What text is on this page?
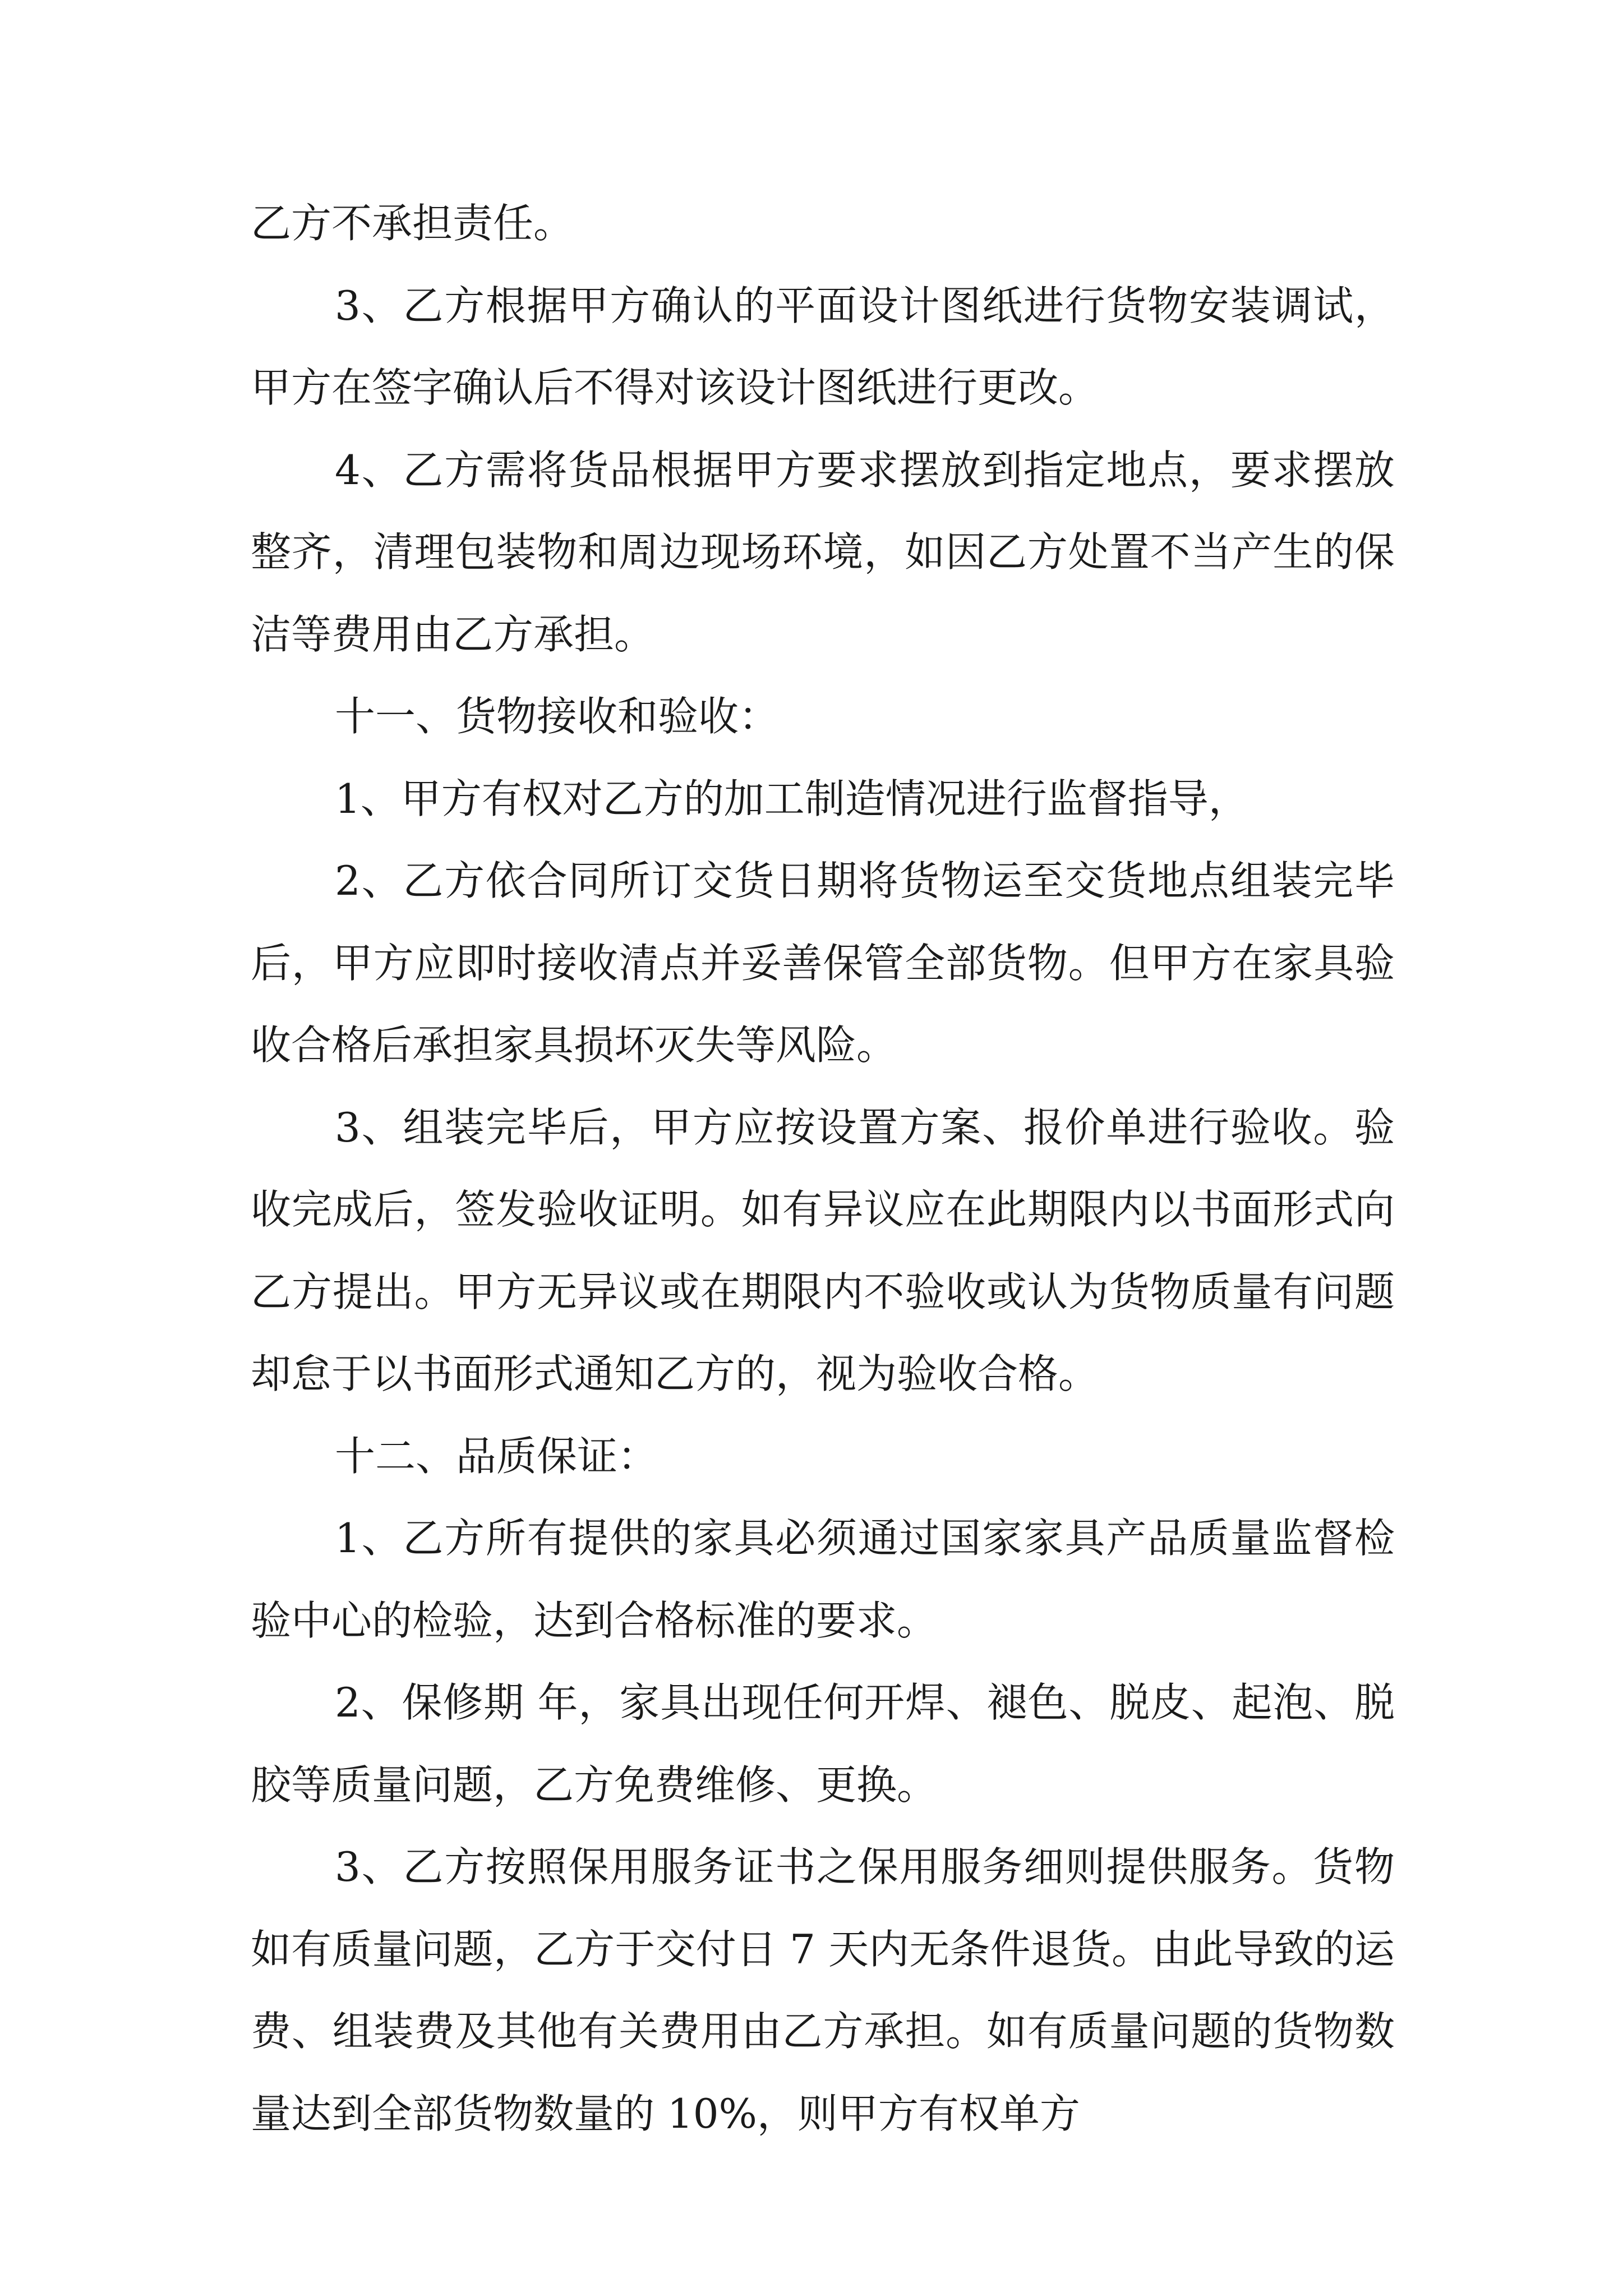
乙方不承担责任。

3、乙方根据甲方确认的平面设计图纸进行货物安装调试，甲方在签字确认后不得对该设计图纸进行更改。

4、乙方需将货品根据甲方要求摆放到指定地点，要求摆放整齐，清理包装物和周边现场环境，如因乙方处置不当产生的保洁等费用由乙方承担。

十一、货物接收和验收：

1、甲方有权对乙方的加工制造情况进行监督指导，

2、乙方依合同所订交货日期将货物运至交货地点组装完毕后，甲方应即时接收清点并妥善保管全部货物。但甲方在家具验收合格后承担家具损坏灭失等风险。

3、组装完毕后，甲方应按设置方案、报价单进行验收。验收完成后，签发验收证明。如有异议应在此期限内以书面形式向乙方提出。甲方无异议或在期限内不验收或认为货物质量有问题却怠于以书面形式通知乙方的，视为验收合格。

十二、品质保证：

1、乙方所有提供的家具必须通过国家家具产品质量监督检验中心的检验，达到合格标准的要求。

2、保修期 年，家具出现任何开焊、褪色、脱皮、起泡、脱胶等质量问题，乙方免费维修、更换。

3、乙方按照保用服务证书之保用服务细则提供服务。货物如有质量问题，乙方于交付日 7 天内无条件退货。由此导致的运费、组装费及其他有关费用由乙方承担。如有质量问题的货物数量达到全部货物数量的 10%，则甲方有权单方
